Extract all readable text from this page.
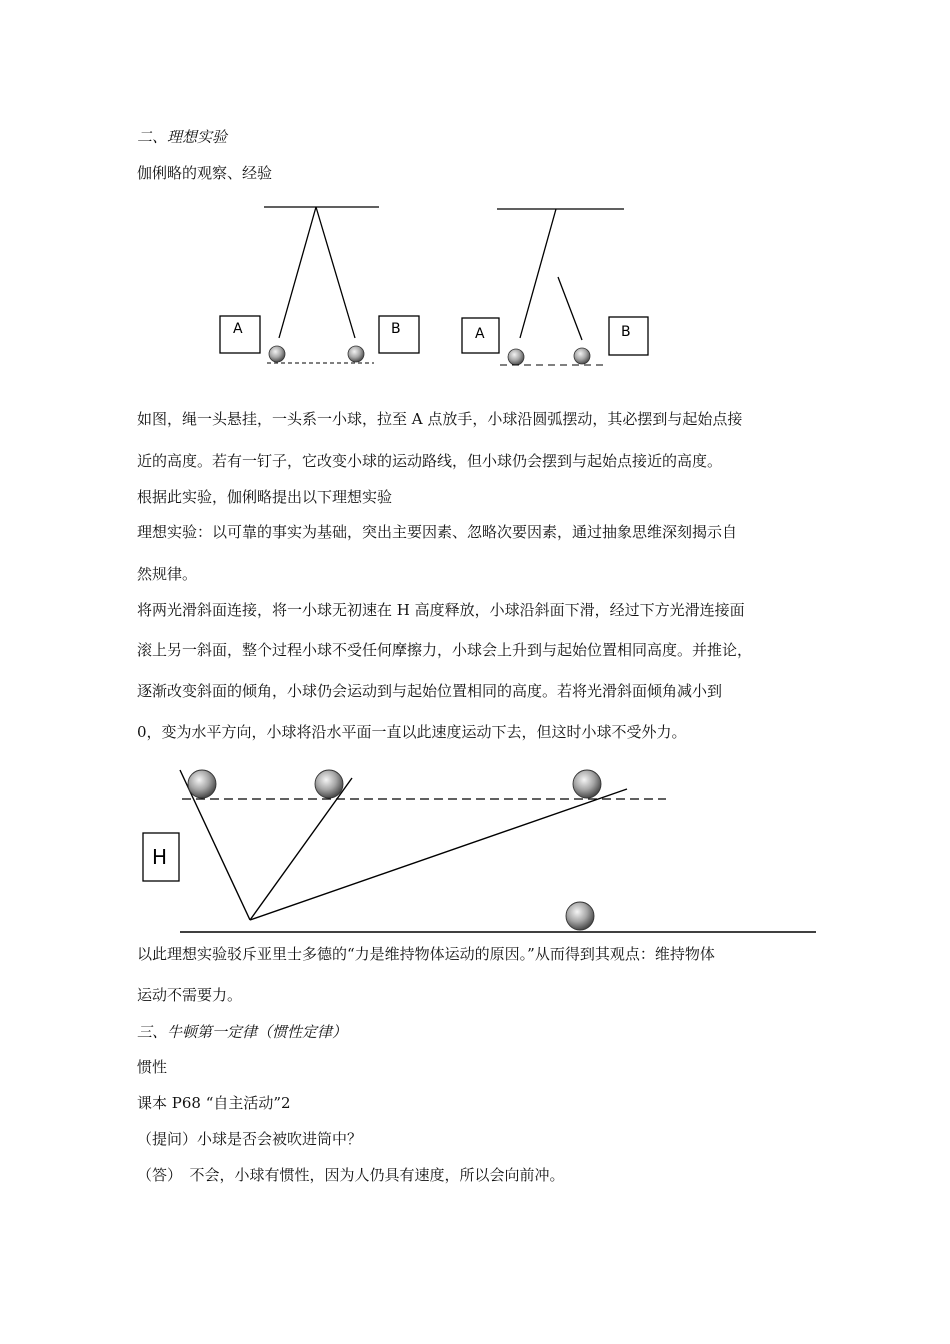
二、理想实验
伽俐略的观察、经验
A	B	A	B
如图，绳一头悬挂，一头系一小球，拉至 A 点放手，小球沿圆弧摆动，其必摆到与起始点接
近的高度。若有一钉子，它改变小球的运动路线，但小球仍会摆到与起始点接近的高度。
根据此实验，伽俐略提出以下理想实验
理想实验：以可靠的事实为基础，突出主要因素、忽略次要因素，通过抽象思维深刻揭示自
然规律。
将两光滑斜面连接，将一小球无初速在 H 高度释放，小球沿斜面下滑，经过下方光滑连接面
滚上另一斜面，整个过程小球不受任何摩擦力，小球会上升到与起始位置相同高度。并推论，
逐渐改变斜面的倾角，小球仍会运动到与起始位置相同的高度。若将光滑斜面倾角减小到
0，变为水平方向，小球将沿水平面一直以此速度运动下去，但这时小球不受外力。
H
以此理想实验驳斥亚里士多德的“力是维持物体运动的原因。”从而得到其观点：维持物体
运动不需要力。
三、牛顿第一定律（惯性定律）
惯性
课本 P68 “自主活动”2
（提问）小球是否会被吹进筒中？
（答）　不会，小球有惯性，因为人仍具有速度，所以会向前冲。
